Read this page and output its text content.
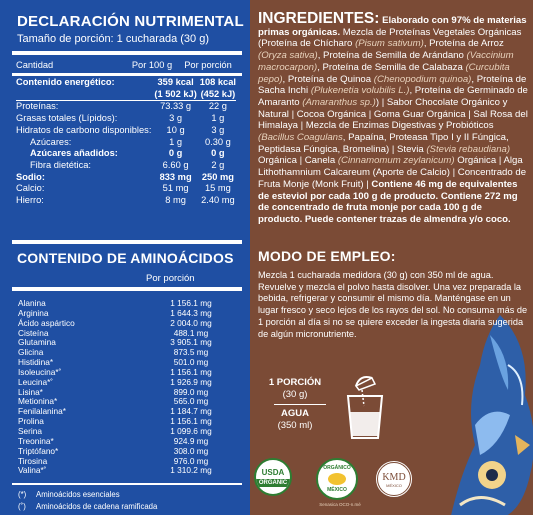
DECLARACIÓN NUTRIMENTAL
Tamaño de porción: 1 cucharada (30 g)
Cantidad	Por 100 g	Por porción
Contenido energético:	359 kcal	108 kcal
	(1 502 kJ)	(452 kJ)
Proteínas:	73.33 g	22 g
Grasas totales (Lípidos):	3 g	1 g
Hidratos de carbono disponibles:	10 g	3 g
Azúcares:	1 g	0.30 g
Azúcares añadidos:	0 g	0 g
Fibra dietética:	6.60 g	2 g
Sodio:	833 mg	250 mg
Calcio:	51 mg	15 mg
Hierro:	8 mg	2.40 mg
CONTENIDO DE AMINOÁCIDOS
Por porción
Alanina	1 156.1 mg
Arginina	1 644.3 mg
Ácido aspártico	2 004.0 mg
Cisteína	488.1 mg
Glutamina	3 905.1 mg
Glicina	873.5 mg
Histidina*	501.0 mg
Isoleucina*˚	1 156.1 mg
Leucina*˚	1 926.9 mg
Lisina*	899.0 mg
Metionina*	565.0 mg
Fenilalanina*	1 184.7 mg
Prolina	1 156.1 mg
Serina	1 099.6 mg
Treonina*	924.9 mg
Triptófano*	308.0 mg
Tirosina	976.0 mg
Valina*˚	1 310.2 mg
(*) Aminoácidos esenciales
(˚) Aminoácidos de cadena ramificada
INGREDIENTES: Elaborado con 97% de materias primas orgánicas. Mezcla de Proteínas Vegetales Orgánicas (Proteína de Chícharo (Pisum sativum), Proteína de Arroz (Oryza sativa), Proteína de Semilla de Arándano (Vaccinium macrocarpon), Proteína de Semilla de Calabaza (Curcubita pepo), Proteína de Quinoa (Chenopodium quinoa), Proteína de Sacha Inchi (Plukenetia volubilis L.), Proteína de Germinado de Amaranto (Amaranthus sp.)) | Sabor Chocolate Orgánico y Natural | Cocoa Orgánica | Goma Guar Orgánica | Sal Rosa del Himalaya | Mezcla de Enzimas Digestivas y Probióticos (Bacillus Coagulans, Papaína, Proteasa Tipo I y II Fúngica, Peptidasa Fúngica, Bromelina) | Stevia (Stevia rebaudiana) Orgánica | Canela (Cinnamomum zeylanicum) Orgánica | Alga Lithothamnium Calcareum (Aporte de Calcio) | Concentrado de Fruta Monje (Monk Fruit) | Contiene 46 mg de equivalentes de esteviol por cada 100 g de producto. Contiene 272 mg de concentrado de fruta monje por cada 100 g de producto. Puede contener trazas de almendra y/o coco.
MODO DE EMPLEO:

Mezcla 1 cucharada medidora (30 g) con 350 ml de agua. Revuelve y mezcla el polvo hasta disolver. Una vez preparada la bebida, refrigerar y consumir el mismo día. Manténgase en un lugar fresco y seco lejos de los rayos del sol. No consuma más de 1 porción al día si no se quiere exceder la ingesta diaria sugerida de algún micronutriente.

1 PORCIÓN
(30 g)
AGUA
(350 ml)
USDA
ORGANIC
ORGÁNICO
MÉXICO
Senasica OCO-n.mé
KMD
MÉXICO
